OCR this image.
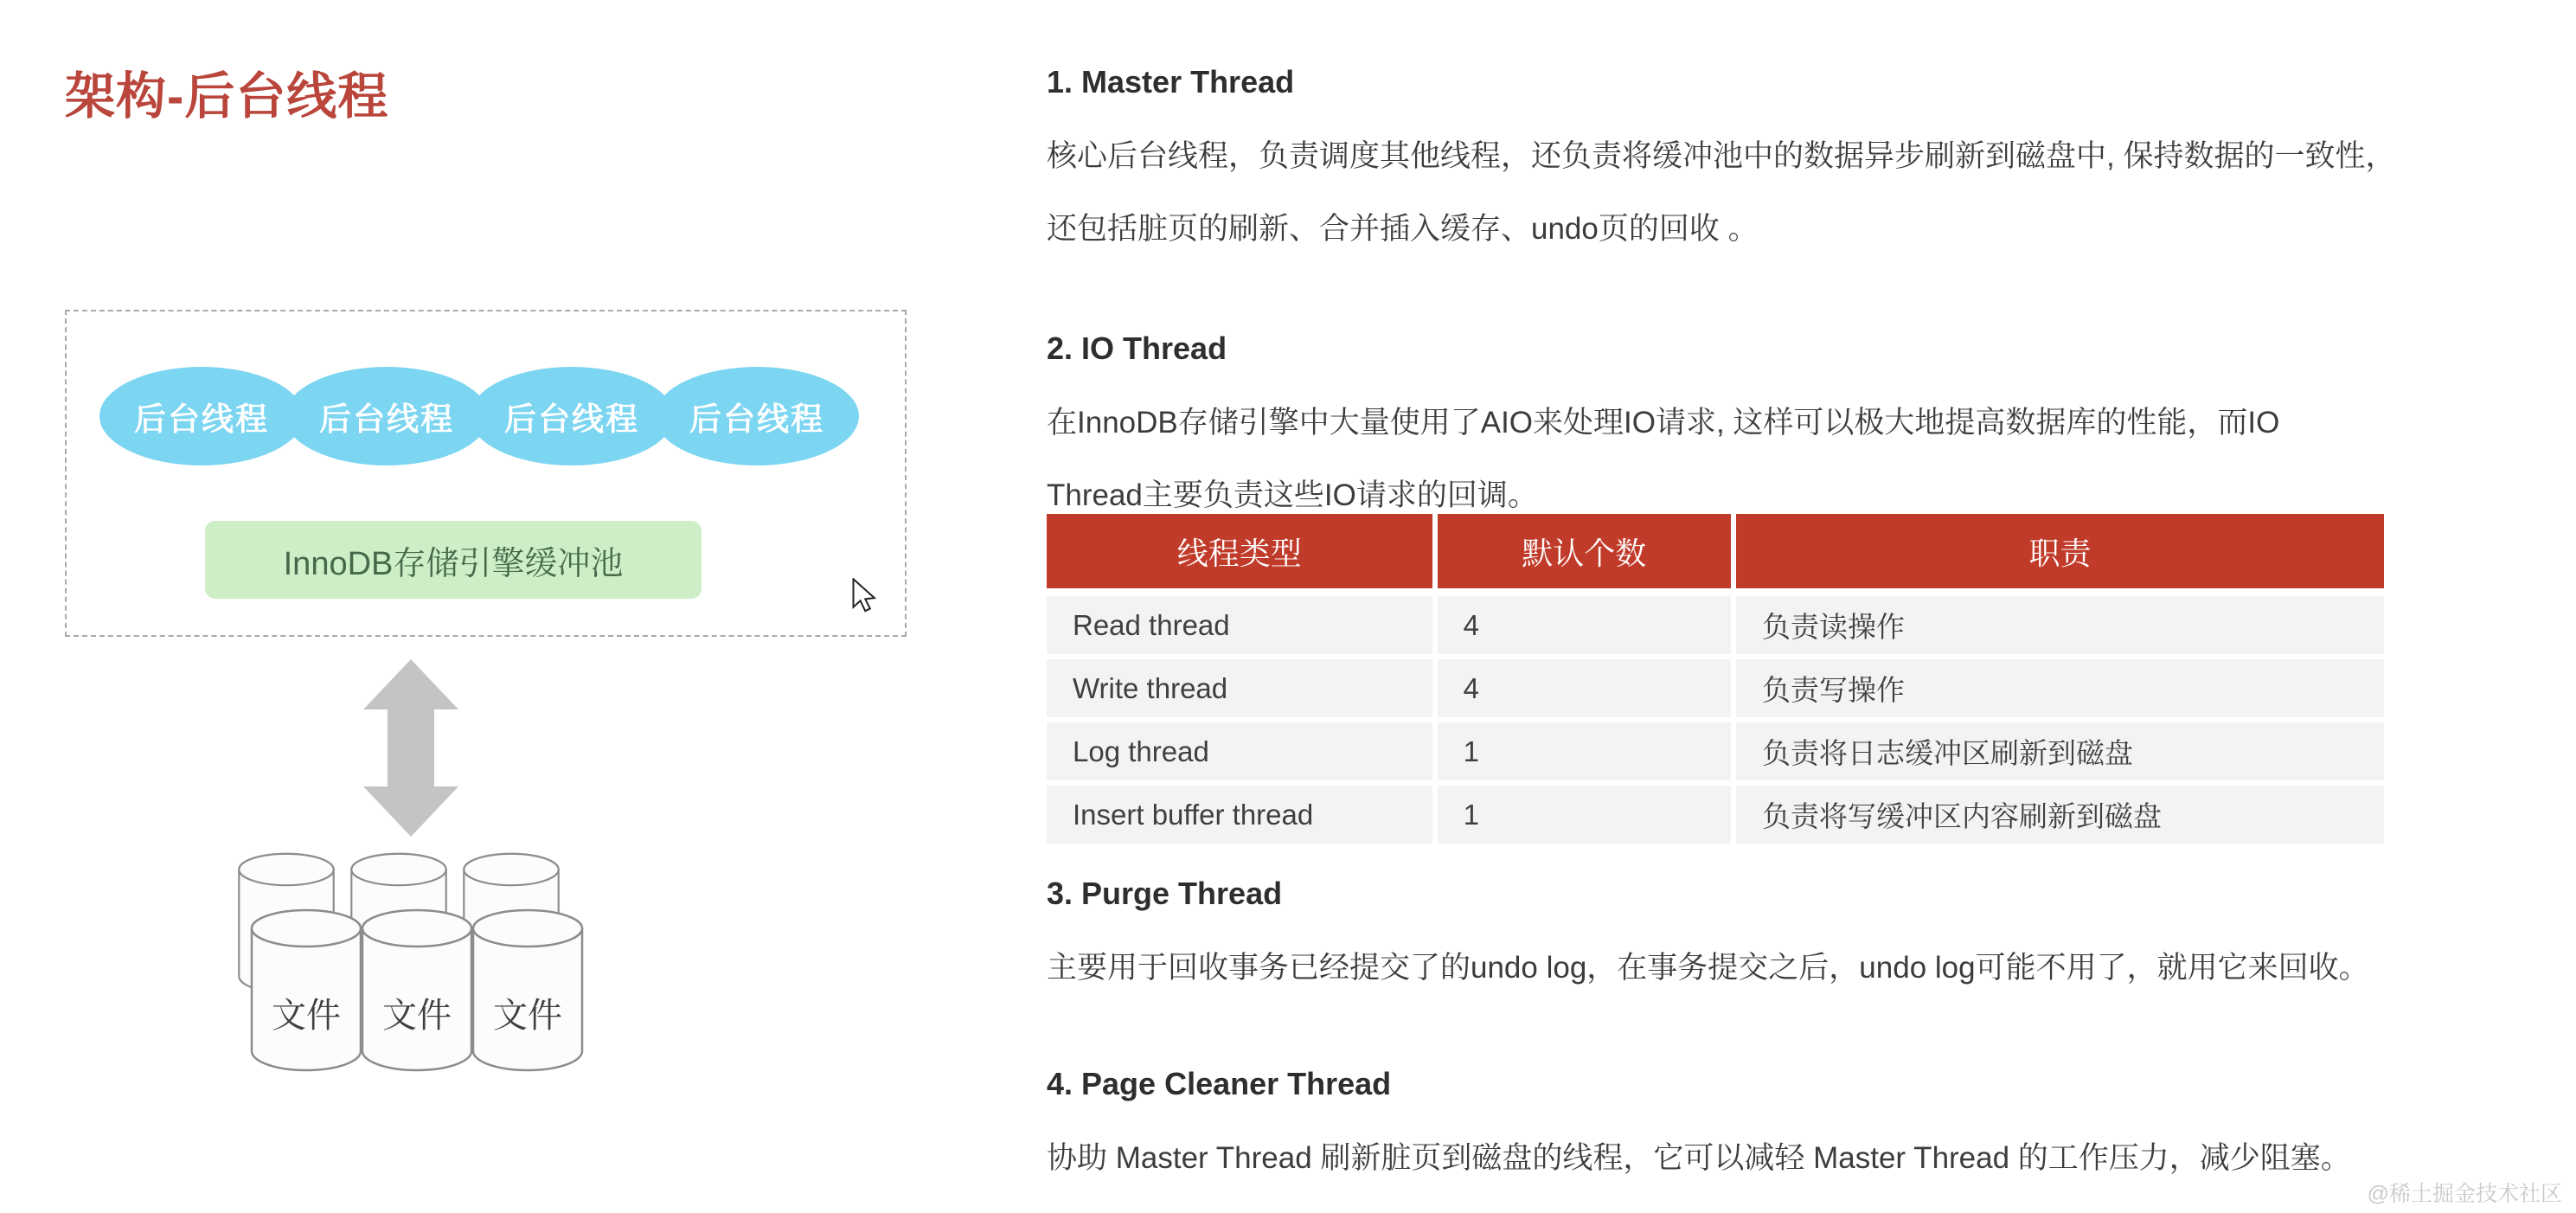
架构-后台线程
后台线程	后台线程	后台线程	后台线程
InnoDB存储引擎缓冲池
文件 文件 文件
1. Master Thread
核心后台线程，负责调度其他线程，还负责将缓冲池中的数据异步刷新到磁盘中, 保持数据的一致性，
还包括脏页的刷新、合并插入缓存、undo页的回收 。
2. IO Thread
在InnoDB存储引擎中大量使用了AIO来处理IO请求, 这样可以极大地提高数据库的性能，而IO
Thread主要负责这些IO请求的回调。
线程类型	默认个数	职责
Read thread	4	负责读操作
Write thread	4	负责写操作
Log thread	1	负责将日志缓冲区刷新到磁盘
Insert buffer thread	1	负责将写缓冲区内容刷新到磁盘
3. Purge Thread
主要用于回收事务已经提交了的undo log，在事务提交之后，undo log可能不用了，就用它来回收。
4. Page Cleaner Thread
协助 Master Thread 刷新脏页到磁盘的线程，它可以减轻 Master Thread 的工作压力，减少阻塞。
@稀土掘金技术社区
